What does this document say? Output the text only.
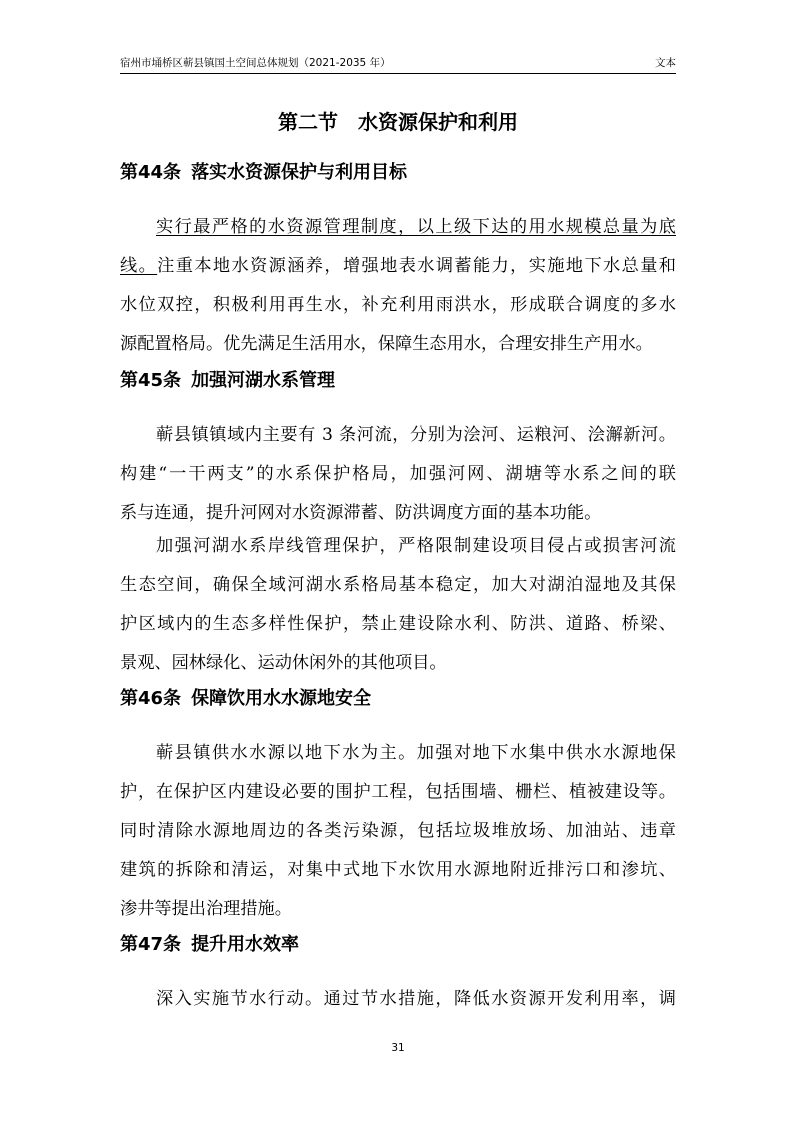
宿州市埇桥区蕲县镇国土空间总体规划（2021-2035 年）	文本
第二节　水资源保护和利用
第44条 落实水资源保护与利用目标
实行最严格的水资源管理制度，以上级下达的用水规模总量为底
线。注重本地水资源涵养，增强地表水调蓄能力，实施地下水总量和
水位双控，积极利用再生水，补充利用雨洪水，形成联合调度的多水
源配置格局。优先满足生活用水，保障生态用水，合理安排生产用水。
第45条 加强河湖水系管理
蕲县镇镇域内主要有 3 条河流，分别为浍河、运粮河、浍澥新河。
构建“一干两支”的水系保护格局，加强河网、湖塘等水系之间的联
系与连通，提升河网对水资源滞蓄、防洪调度方面的基本功能。
加强河湖水系岸线管理保护，严格限制建设项目侵占或损害河流
生态空间，确保全域河湖水系格局基本稳定，加大对湖泊湿地及其保
护区域内的生态多样性保护，禁止建设除水利、防洪、道路、桥梁、
景观、园林绿化、运动休闲外的其他项目。
第46条 保障饮用水水源地安全
蕲县镇供水水源以地下水为主。加强对地下水集中供水水源地保
护，在保护区内建设必要的围护工程，包括围墙、栅栏、植被建设等。
同时清除水源地周边的各类污染源，包括垃圾堆放场、加油站、违章
建筑的拆除和清运，对集中式地下水饮用水源地附近排污口和渗坑、
渗井等提出治理措施。
第47条 提升用水效率
深入实施节水行动。通过节水措施，降低水资源开发利用率，调
31
